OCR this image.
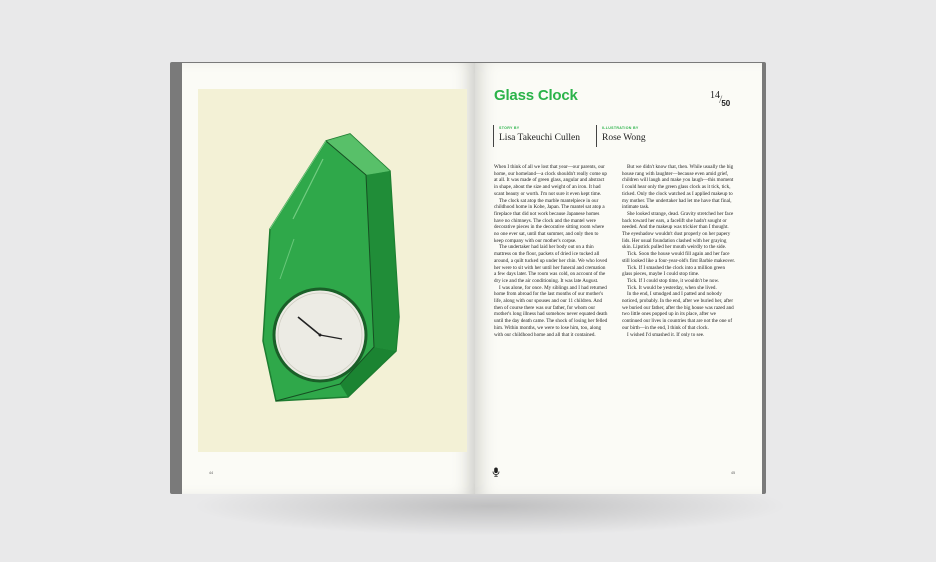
44
Glass Clock	$^{14}$/50
STORY BY
Lisa Takeuchi Cullen
ILLUSTRATION BY
Rose Wong

When I think of all we lost that year—our parents, our home, our homeland—a clock shouldn't really come up at all. It was made of green glass, angular and abstract in shape, about the size and weight of an iron. It had scant beauty or worth. I'm not sure it even kept time.

The clock sat atop the marble mantelpiece in our childhood home in Kobe, Japan. The mantel sat atop a fireplace that did not work because Japanese homes have no chimneys. The clock and the mantel were decorative pieces in the decorative sitting room where no one ever sat, until that summer, and only then to keep company with our mother's corpse.

The undertaker had laid her body out on a thin mattress on the floor, packets of dried ice tucked all around, a quilt tucked up under her chin. We who loved her were to sit with her until her funeral and cremation a few days later. The room was cold, on account of the dry ice and the air conditioning. It was late August.

I was alone, for once. My siblings and I had returned home from abroad for the last months of our mother's life, along with our spouses and our 11 children. And then of course there was our father, for whom our mother's long illness had somehow never equated death until the day death came. The shock of losing her felled him. Within months, we were to lose him, too, along with our childhood home and all that it contained.

But we didn't know that, then. While usually the big house rang with laughter—because even amid grief, children will laugh and make you laugh—this moment I could hear only the green glass clock as it tick, tick, ticked. Only the clock watched as I applied makeup to my mother. The undertaker had let me have that final, intimate task.

She looked strange, dead. Gravity stretched her face back toward her ears, a facelift she hadn't sought or needed. And the makeup was trickier than I thought. The eyeshadow wouldn't dust properly on her papery lids. Her usual foundation clashed with her graying skin. Lipstick pulled her mouth weirdly to the side.

Tick. Soon the house would fill again and her face still looked like a four-year-old's first Barbie makeover.

Tick. If I smashed the clock into a million green glass pieces, maybe I could stop time.

Tick. If I could stop time, it wouldn't be now.

Tick. It would be yesterday, when she lived.

In the end, I smudged and I patted and nobody noticed, probably. In the end, after we buried her, after we buried our father, after the big house was razed and two little ones popped up in its place, after we continued our lives in countries that are not the one of our birth—in the end, I think of that clock.

I wished I'd smashed it. If only to see.

45
